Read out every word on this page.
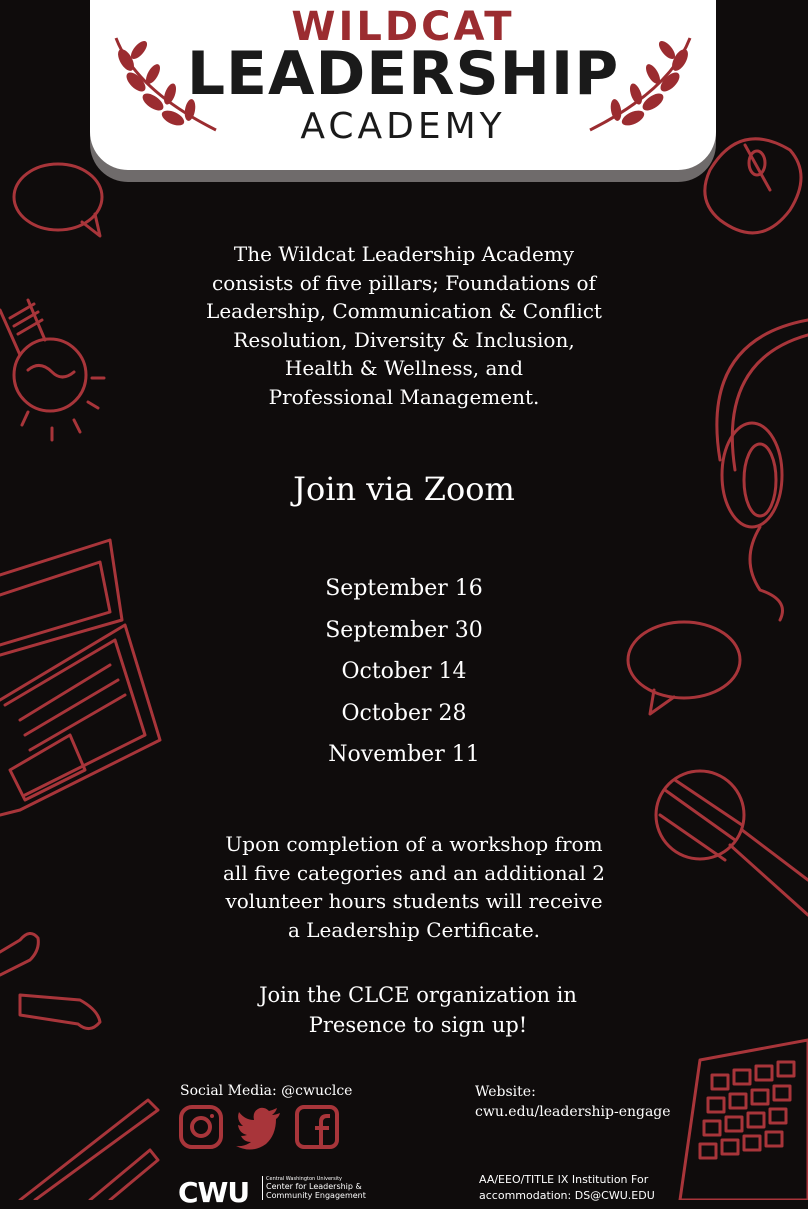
WILDCAT
LEADERSHIP
ACADEMY
The Wildcat Leadership Academy
consists of five pillars; Foundations of
Leadership, Communication & Conflict
Resolution, Diversity & Inclusion,
Health & Wellness, and
Professional Management.
Join via Zoom
September 16
September 30
October 14
October 28
November 11
Upon completion of a workshop from
all five categories and an additional 2
volunteer hours students will receive
a Leadership Certificate.
Join the CLCE organization in
Presence to sign up!
Social Media: @cwuclce	Website:
cwu.edu/leadership-engage
CWU	Central Washington University
Center for Leadership &
Community Engagement
AA/EEO/TITLE IX Institution For
accommodation: DS@CWU.EDU
